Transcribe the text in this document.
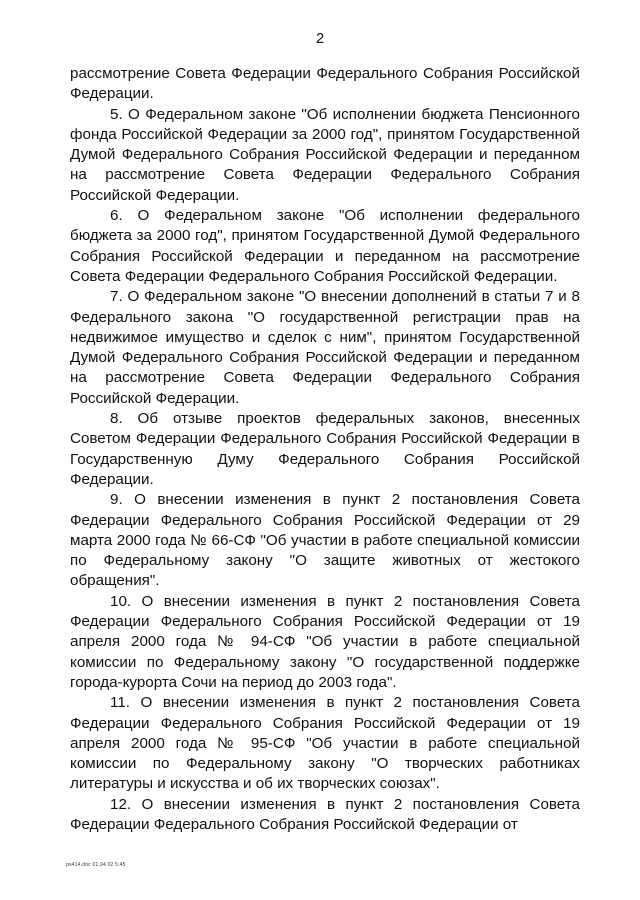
2

рассмотрение Совета Федерации Федерального Собрания Российской Федерации.

5. О Федеральном законе "Об исполнении бюджета Пенсионного фонда Российской Федерации за 2000 год", принятом Государственной Думой Федерального Собрания Российской Федерации и переданном на рассмотрение Совета Федерации Федерального Собрания Российской Федерации.

6. О Федеральном законе "Об исполнении федерального бюджета за 2000 год", принятом Государственной Думой Федерального Собрания Российской Федерации и переданном на рассмотрение Совета Федерации Федерального Собрания Российской Федерации.

7. О Федеральном законе "О внесении дополнений в статьи 7 и 8 Федерального закона "О государственной регистрации прав на недвижимое имущество и сделок с ним", принятом Государственной Думой Федерального Собрания Российской Федерации и переданном на рассмотрение Совета Федерации Федерального Собрания Российской Федерации.

8. Об отзыве проектов федеральных законов, внесенных Советом Федерации Федерального Собрания Российской Федерации в Государственную Думу Федерального Собрания Российской Федерации.

9. О внесении изменения в пункт 2 постановления Совета Федерации Федерального Собрания Российской Федерации от 29 марта 2000 года № 66-СФ "Об участии в работе специальной комиссии по Федеральному закону "О защите животных от жестокого обращения".

10. О внесении изменения в пункт 2 постановления Совета Федерации Федерального Собрания Российской Федерации от 19 апреля 2000 года № 94-СФ "Об участии в работе специальной комиссии по Федеральному закону "О государственной поддержке города-курорта Сочи на период до 2003 года".

11. О внесении изменения в пункт 2 постановления Совета Федерации Федерального Собрания Российской Федерации от 19 апреля 2000 года № 95-СФ "Об участии в работе специальной комиссии по Федеральному закону "О творческих работниках литературы и искусства и об их творческих союзах".

12. О внесении изменения в пункт 2 постановления Совета Федерации Федерального Собрания Российской Федерации от

ps414.doc 01.04.02 5:45
